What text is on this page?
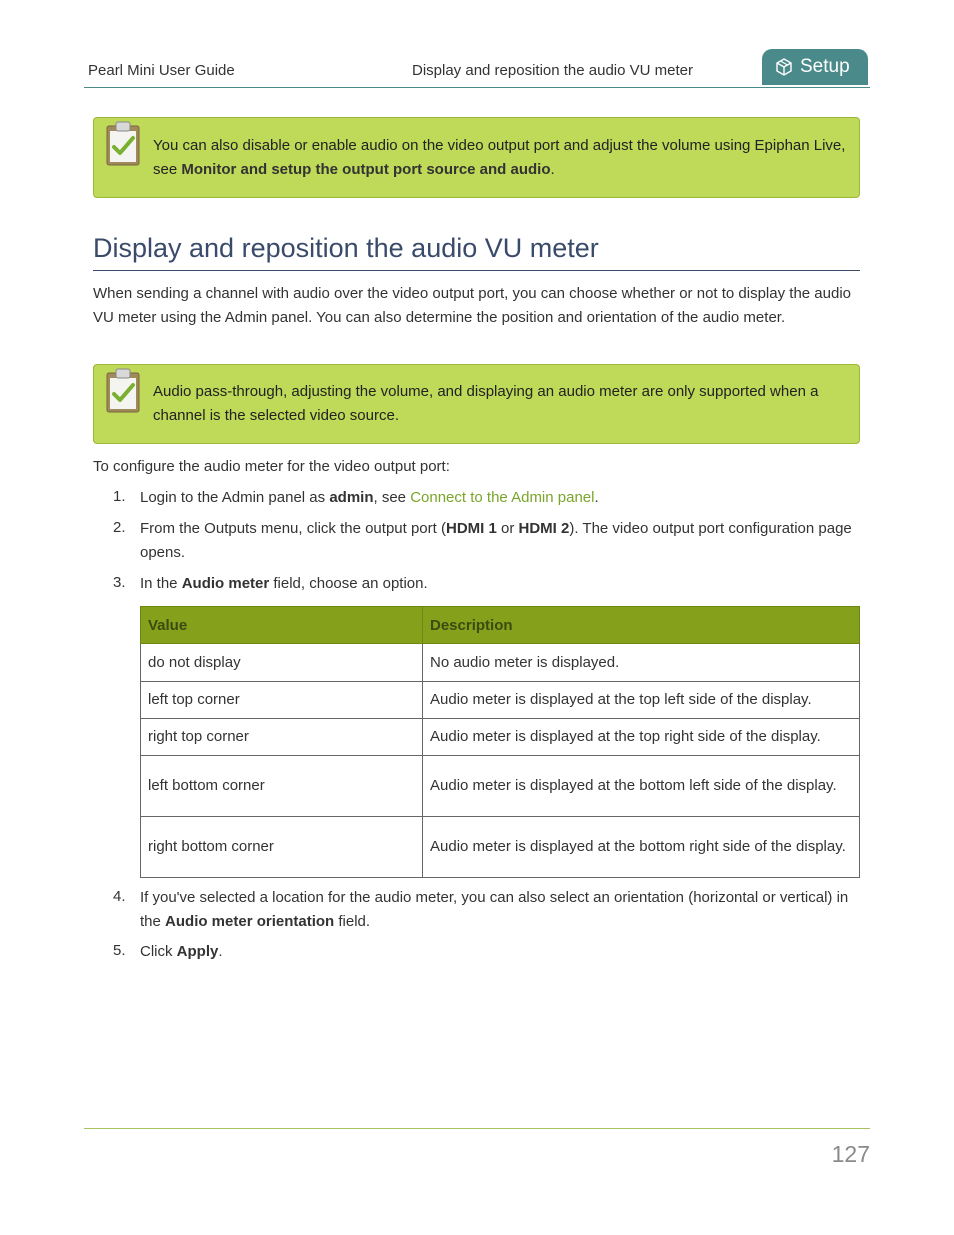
Pearl Mini User Guide	Display and reposition the audio VU meter	Setup
You can also disable or enable audio on the video output port and adjust the volume using Epiphan Live, see Monitor and setup the output port source and audio.
Display and reposition the audio VU meter
When sending a channel with audio over the video output port, you can choose whether or not to display the audio VU meter using the Admin panel. You can also determine the position and orientation of the audio meter.
Audio pass-through, adjusting the volume, and displaying an audio meter are only supported when a channel is the selected video source.
To configure the audio meter for the video output port:
1. Login to the Admin panel as admin, see Connect to the Admin panel.
2. From the Outputs menu, click the output port (HDMI 1 or HDMI 2). The video output port configuration page opens.
3. In the Audio meter field, choose an option.
4. If you've selected a location for the audio meter, you can also select an orientation (horizontal or vertical) in the Audio meter orientation field.
5. Click Apply.
Value	Description
do not display	No audio meter is displayed.
left top corner	Audio meter is displayed at the top left side of the display.
right top corner	Audio meter is displayed at the top right side of the display.
left bottom corner	Audio meter is displayed at the bottom left side of the display.
right bottom corner	Audio meter is displayed at the bottom right side of the display.
127
